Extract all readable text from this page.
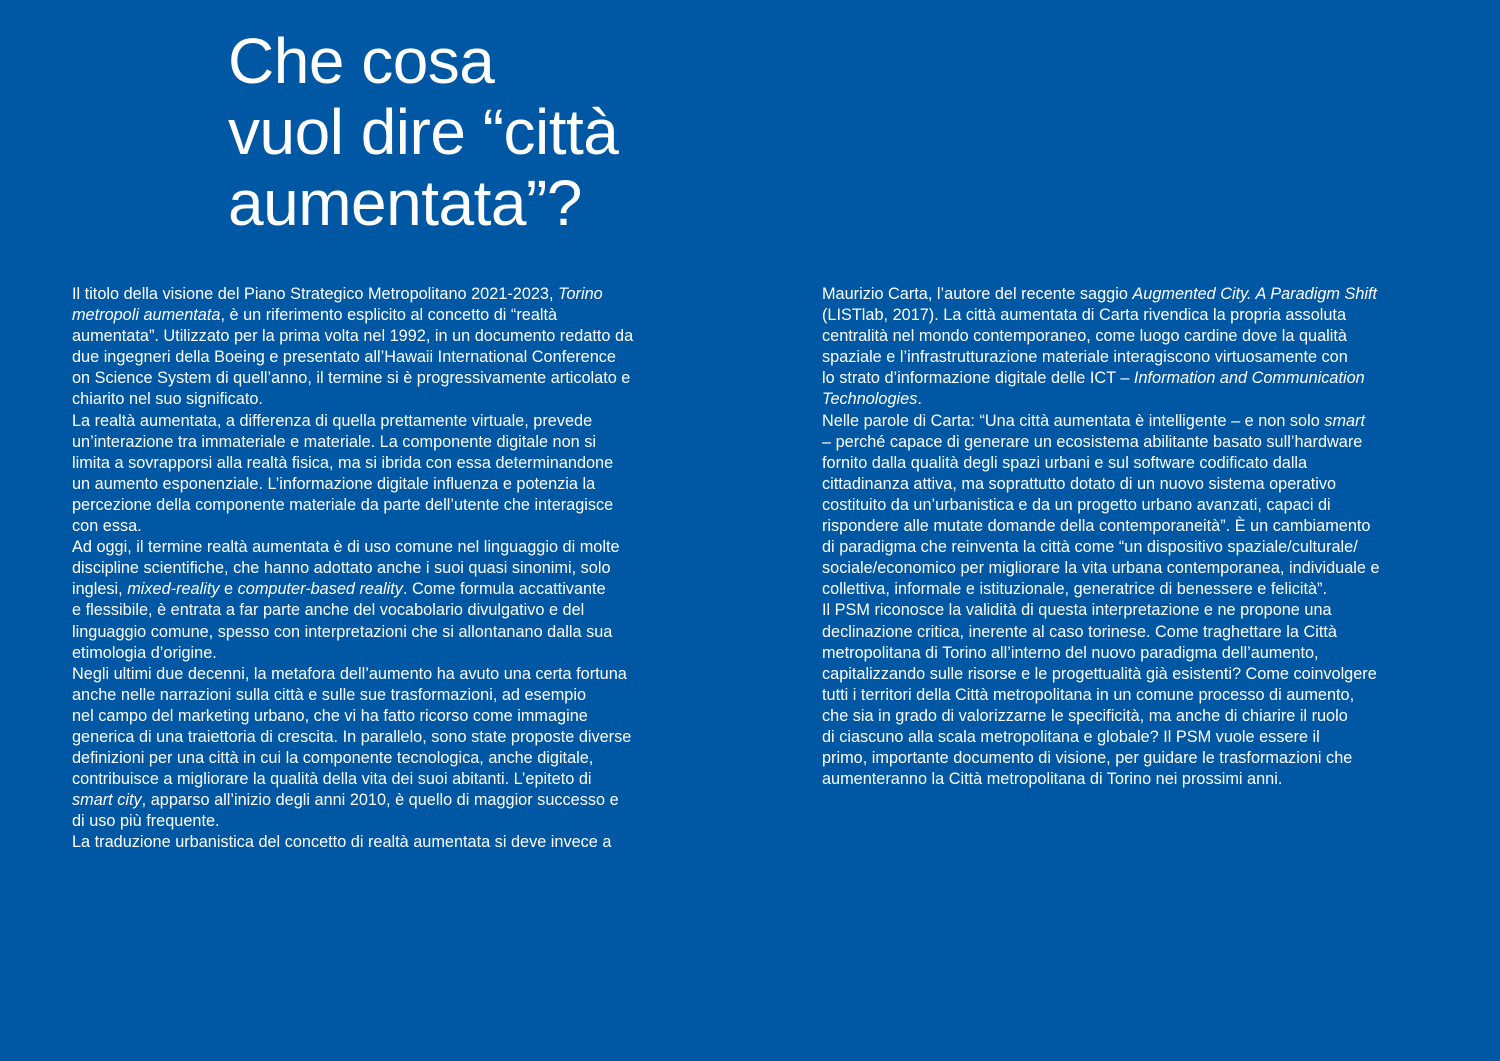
Che cosa
vuol dire “città
aumentata”?
Il titolo della visione del Piano Strategico Metropolitano 2021-2023, Torino
metropoli aumentata, è un riferimento esplicito al concetto di “realtà
aumentata”. Utilizzato per la prima volta nel 1992, in un documento redatto da
due ingegneri della Boeing e presentato all’Hawaii International Conference
on Science System di quell’anno, il termine si è progressivamente articolato e
chiarito nel suo significato.
La realtà aumentata, a differenza di quella prettamente virtuale, prevede
un’interazione tra immateriale e materiale. La componente digitale non si
limita a sovrapporsi alla realtà fisica, ma si ibrida con essa determinandone
un aumento esponenziale. L’informazione digitale influenza e potenzia la
percezione della componente materiale da parte dell’utente che interagisce
con essa.
Ad oggi, il termine realtà aumentata è di uso comune nel linguaggio di molte
discipline scientifiche, che hanno adottato anche i suoi quasi sinonimi, solo
inglesi, mixed-reality e computer-based reality. Come formula accattivante
e flessibile, è entrata a far parte anche del vocabolario divulgativo e del
linguaggio comune, spesso con interpretazioni che si allontanano dalla sua
etimologia d’origine.
Negli ultimi due decenni, la metafora dell’aumento ha avuto una certa fortuna
anche nelle narrazioni sulla città e sulle sue trasformazioni, ad esempio
nel campo del marketing urbano, che vi ha fatto ricorso come immagine
generica di una traiettoria di crescita. In parallelo, sono state proposte diverse
definizioni per una città in cui la componente tecnologica, anche digitale,
contribuisce a migliorare la qualità della vita dei suoi abitanti. L’epiteto di
smart city, apparso all’inizio degli anni 2010, è quello di maggior successo e
di uso più frequente.
La traduzione urbanistica del concetto di realtà aumentata si deve invece a
Maurizio Carta, l’autore del recente saggio Augmented City. A Paradigm Shift
(LISTlab, 2017). La città aumentata di Carta rivendica la propria assoluta
centralità nel mondo contemporaneo, come luogo cardine dove la qualità
spaziale e l’infrastrutturazione materiale interagiscono virtuosamente con
lo strato d’informazione digitale delle ICT – Information and Communication
Technologies.
Nelle parole di Carta: “Una città aumentata è intelligente – e non solo smart
– perché capace di generare un ecosistema abilitante basato sull’hardware
fornito dalla qualità degli spazi urbani e sul software codificato dalla
cittadinanza attiva, ma soprattutto dotato di un nuovo sistema operativo
costituito da un’urbanistica e da un progetto urbano avanzati, capaci di
rispondere alle mutate domande della contemporaneità”. È un cambiamento
di paradigma che reinventa la città come “un dispositivo spaziale/culturale/
sociale/economico per migliorare la vita urbana contemporanea, individuale e
collettiva, informale e istituzionale, generatrice di benessere e felicità”.
Il PSM riconosce la validità di questa interpretazione e ne propone una
declinazione critica, inerente al caso torinese. Come traghettare la Città
metropolitana di Torino all’interno del nuovo paradigma dell’aumento,
capitalizzando sulle risorse e le progettualità già esistenti? Come coinvolgere
tutti i territori della Città metropolitana in un comune processo di aumento,
che sia in grado di valorizzarne le specificità, ma anche di chiarire il ruolo
di ciascuno alla scala metropolitana e globale? Il PSM vuole essere il
primo, importante documento di visione, per guidare le trasformazioni che
aumenteranno la Città metropolitana di Torino nei prossimi anni.
